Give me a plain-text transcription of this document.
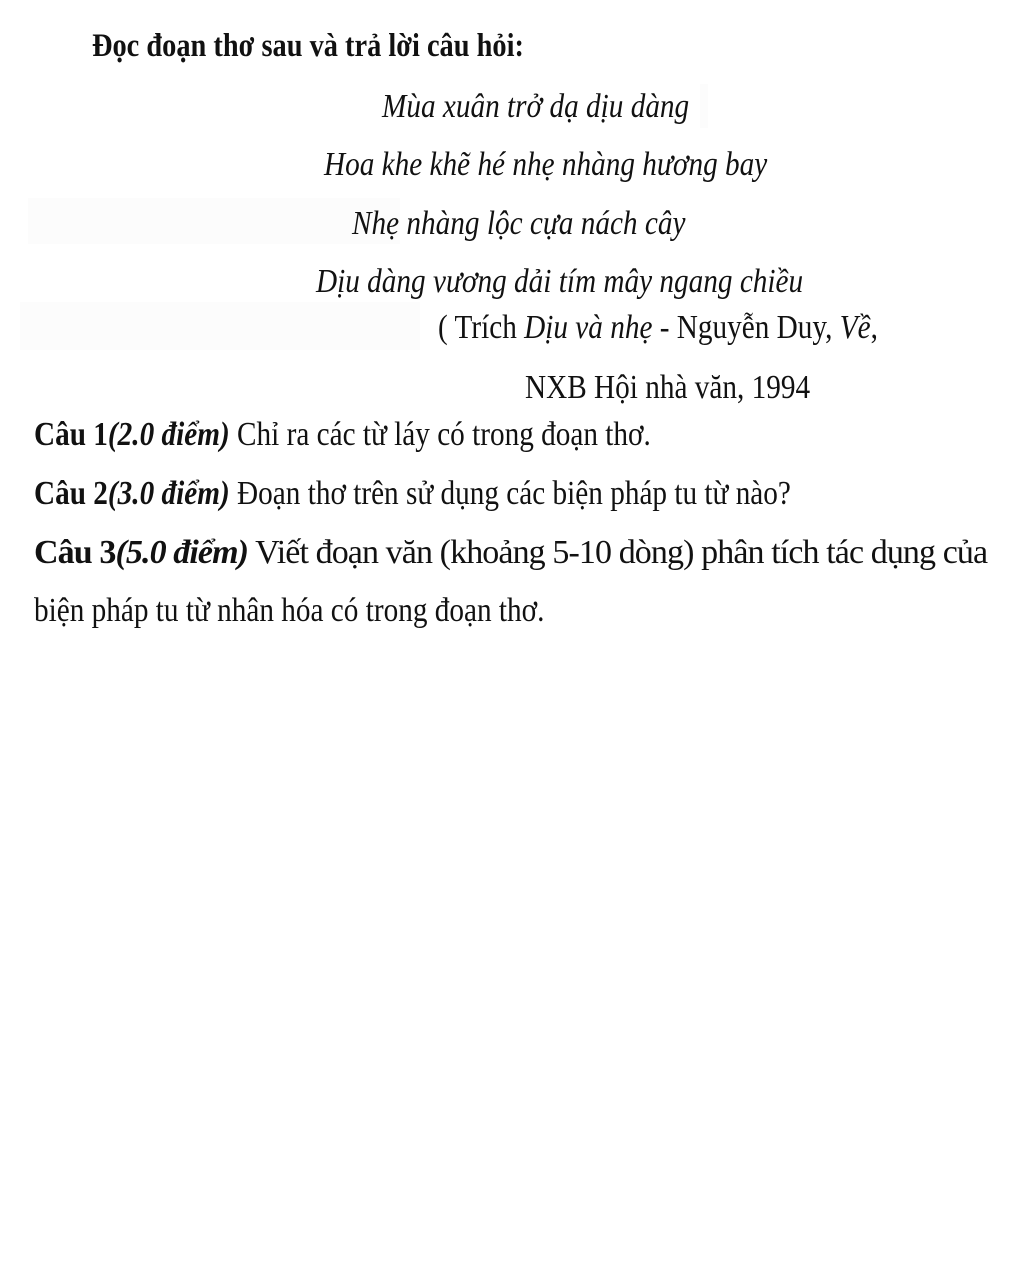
Đọc đoạn thơ sau và trả lời câu hỏi:
Mùa xuân trở dạ dịu dàng
Hoa khe khẽ hé nhẹ nhàng hương bay
Nhẹ nhàng lộc cựa nách cây
Dịu dàng vương dải tím mây ngang chiều
( Trích Dịu và nhẹ - Nguyễn Duy, Về,
NXB Hội nhà văn, 1994
Câu 1(2.0 điểm) Chỉ ra các từ láy có trong đoạn thơ.
Câu 2(3.0 điểm) Đoạn thơ trên sử dụng các biện pháp tu từ nào?
Câu 3(5.0 điểm) Viết đoạn văn (khoảng 5-10 dòng) phân tích tác dụng của
biện pháp tu từ nhân hóa có trong đoạn thơ.
